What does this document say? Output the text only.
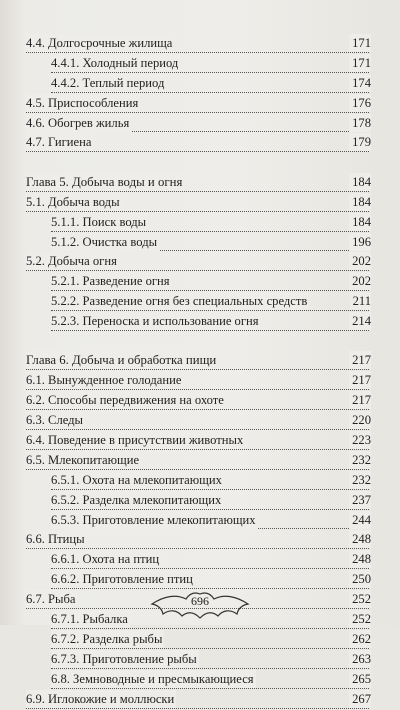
4.4. Долгосрочные жилища	171
4.4.1. Холодный период	171
4.4.2. Теплый период	174
4.5. Приспособления	176
4.6. Обогрев жилья	178
4.7. Гигиена	179
Глава 5. Добыча воды и огня	184
5.1. Добыча воды	184
5.1.1. Поиск воды	184
5.1.2. Очистка воды	196
5.2. Добыча огня	202
5.2.1. Разведение огня	202
5.2.2. Разведение огня без специальных средств	211
5.2.3. Переноска и использование огня	214
Глава 6. Добыча и обработка пищи	217
6.1. Вынужденное голодание	217
6.2. Способы передвижения на охоте	217
6.3. Следы	220
6.4. Поведение в присутствии животных	223
6.5. Млекопитающие	232
6.5.1. Охота на млекопитающих	232
6.5.2. Разделка млекопитающих	237
6.5.3. Приготовление млекопитающих	244
6.6. Птицы	248
6.6.1. Охота на птиц	248
6.6.2. Приготовление птиц	250
6.7. Рыба	252
6.7.1. Рыбалка	252
6.7.2. Разделка рыбы	262
6.7.3. Приготовление рыбы	263
6.8. Земноводные и пресмыкающиеся	265
6.9. Иглокожие и моллюски	267
696
